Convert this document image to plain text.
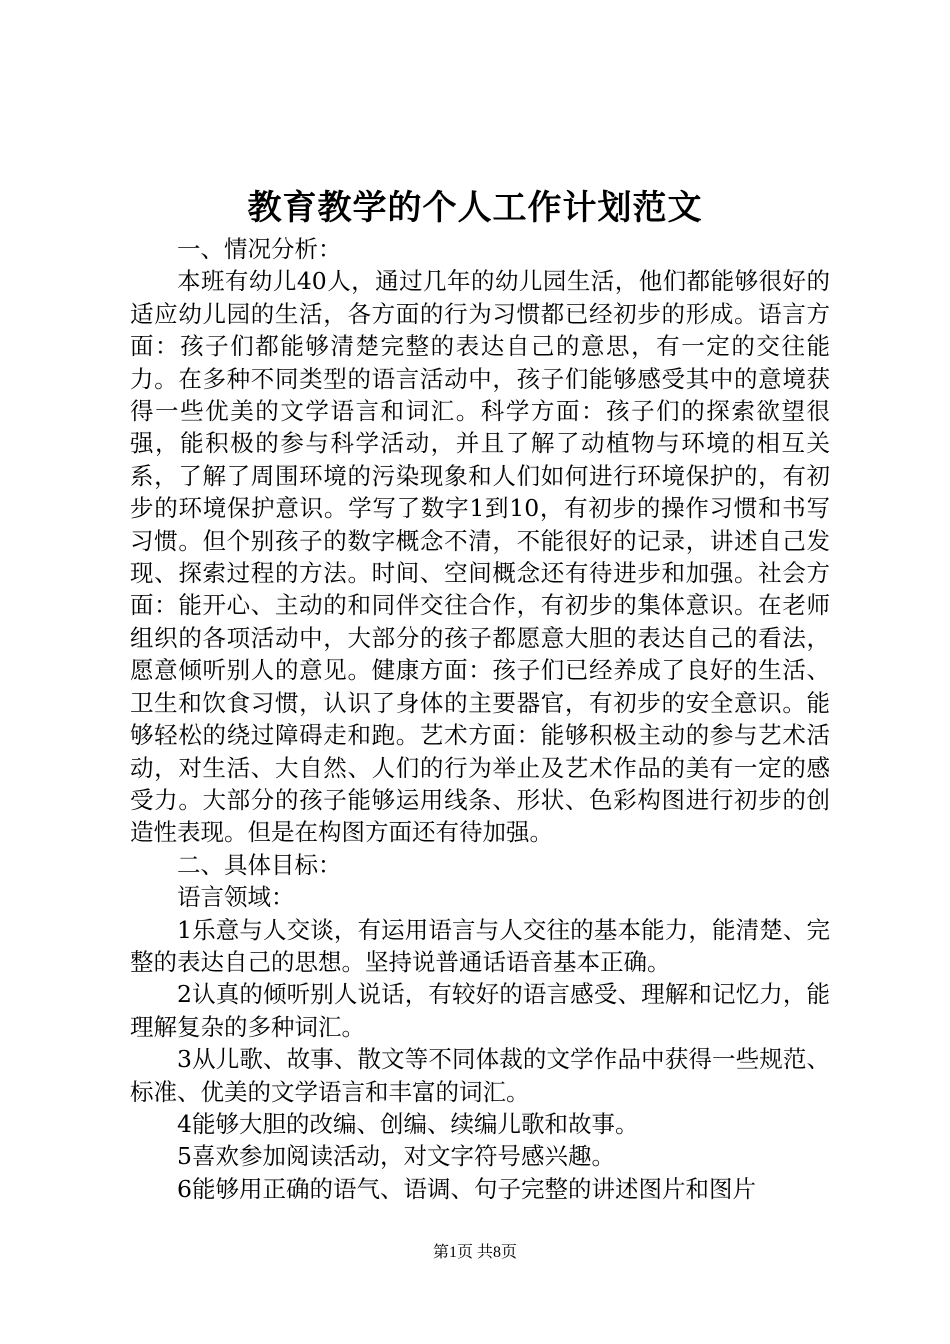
教育教学的个人工作计划范文

一、情况分析：

本班有幼儿40人，通过几年的幼儿园生活，他们都能够很好的适应幼儿园的生活，各方面的行为习惯都已经初步的形成。语言方面：孩子们都能够清楚完整的表达自己的意思，有一定的交往能力。在多种不同类型的语言活动中，孩子们能够感受其中的意境获得一些优美的文学语言和词汇。科学方面：孩子们的探索欲望很强，能积极的参与科学活动，并且了解了动植物与环境的相互关系，了解了周围环境的污染现象和人们如何进行环境保护的，有初步的环境保护意识。学写了数字1到10，有初步的操作习惯和书写习惯。但个别孩子的数字概念不清，不能很好的记录，讲述自己发现、探索过程的方法。时间、空间概念还有待进步和加强。社会方面：能开心、主动的和同伴交往合作，有初步的集体意识。在老师组织的各项活动中，大部分的孩子都愿意大胆的表达自己的看法，愿意倾听别人的意见。健康方面：孩子们已经养成了良好的生活、卫生和饮食习惯，认识了身体的主要器官，有初步的安全意识。能够轻松的绕过障碍走和跑。艺术方面：能够积极主动的参与艺术活动，对生活、大自然、人们的行为举止及艺术作品的美有一定的感受力。大部分的孩子能够运用线条、形状、色彩构图进行初步的创造性表现。但是在构图方面还有待加强。

二、具体目标：

语言领域：

1乐意与人交谈，有运用语言与人交往的基本能力，能清楚、完整的表达自己的思想。坚持说普通话语音基本正确。

2认真的倾听别人说话，有较好的语言感受、理解和记忆力，能理解复杂的多种词汇。

3从儿歌、故事、散文等不同体裁的文学作品中获得一些规范、标准、优美的文学语言和丰富的词汇。

4能够大胆的改编、创编、续编儿歌和故事。

5喜欢参加阅读活动，对文字符号感兴趣。

6能够用正确的语气、语调、句子完整的讲述图片和图片

第1页 共8页
